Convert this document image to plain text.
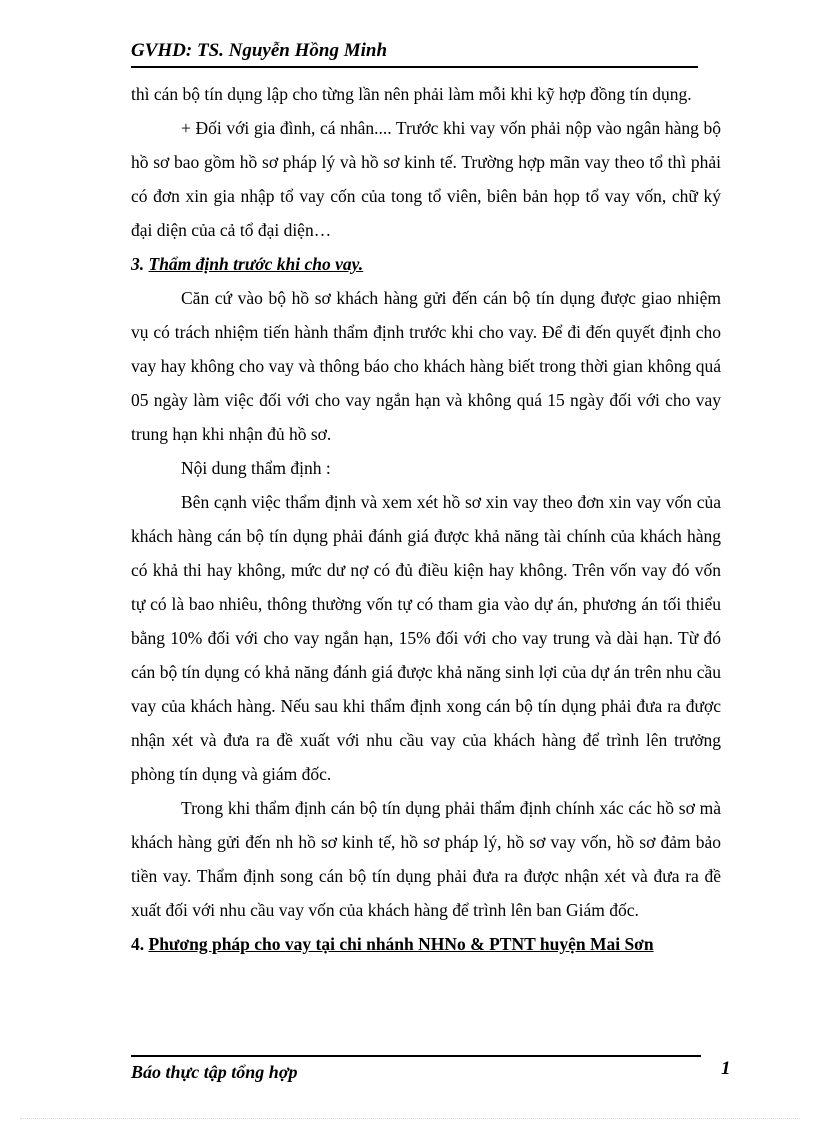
GVHD: TS. Nguyễn Hồng Minh

thì cán bộ tín dụng lập cho từng lần nên phải làm mỗi khi kỹ hợp đồng tín dụng.

+ Đối với gia đình, cá nhân.... Trước khi vay vốn phải nộp vào ngân hàng bộ hồ sơ bao gồm hồ sơ pháp lý và hồ sơ kinh tế. Trường hợp mãn vay theo tổ thì phải có đơn xin gia nhập tổ vay cốn của tong tổ viên, biên bản họp tổ vay vốn, chữ ký đại diện của cả tổ đại diện…

3. Thẩm định trước khi cho vay.

Căn cứ vào bộ hồ sơ khách hàng gửi đến cán bộ tín dụng được giao nhiệm vụ có trách nhiệm tiến hành thẩm định trước khi cho vay. Để đi đến quyết định cho vay hay không cho vay và thông báo cho khách hàng biết trong thời gian không quá 05 ngày làm việc đối với cho vay ngắn hạn và không quá 15 ngày đối với cho vay trung hạn khi nhận đủ hồ sơ.

Nội dung thẩm định :

Bên cạnh việc thẩm định và xem xét hồ sơ xin vay theo đơn xin vay vốn của khách hàng cán bộ tín dụng phải đánh giá được khả năng tài chính của khách hàng có khả thi hay không, mức dư nợ có đủ điều kiện hay không. Trên vốn vay đó vốn tự có là bao nhiêu, thông thường vốn tự có tham gia vào dự án, phương án tối thiểu bằng 10% đối với cho vay ngắn hạn, 15% đối với cho vay trung và dài hạn. Từ đó cán bộ tín dụng có khả năng đánh giá được khả năng sinh lợi của dự án trên nhu cầu vay của khách hàng. Nếu sau khi thẩm định xong cán bộ tín dụng phải đưa ra được nhận xét và đưa ra đề xuất với nhu cầu vay của khách hàng để trình lên trưởng phòng tín dụng và giám đốc.

Trong khi thẩm định cán bộ tín dụng phải thẩm định chính xác các hồ sơ mà khách hàng gửi đến nh hồ sơ kinh tế, hồ sơ pháp lý, hồ sơ vay vốn, hồ sơ đảm bảo tiền vay. Thẩm định song cán bộ tín dụng phải đưa ra được nhận xét và đưa ra đề xuất đối với nhu cầu vay vốn của khách hàng để trình lên ban Giám đốc.

4. Phương pháp cho vay tại chi nhánh NHNo & PTNT huyện Mai Sơn

Báo thực tập tổng hợp	1
